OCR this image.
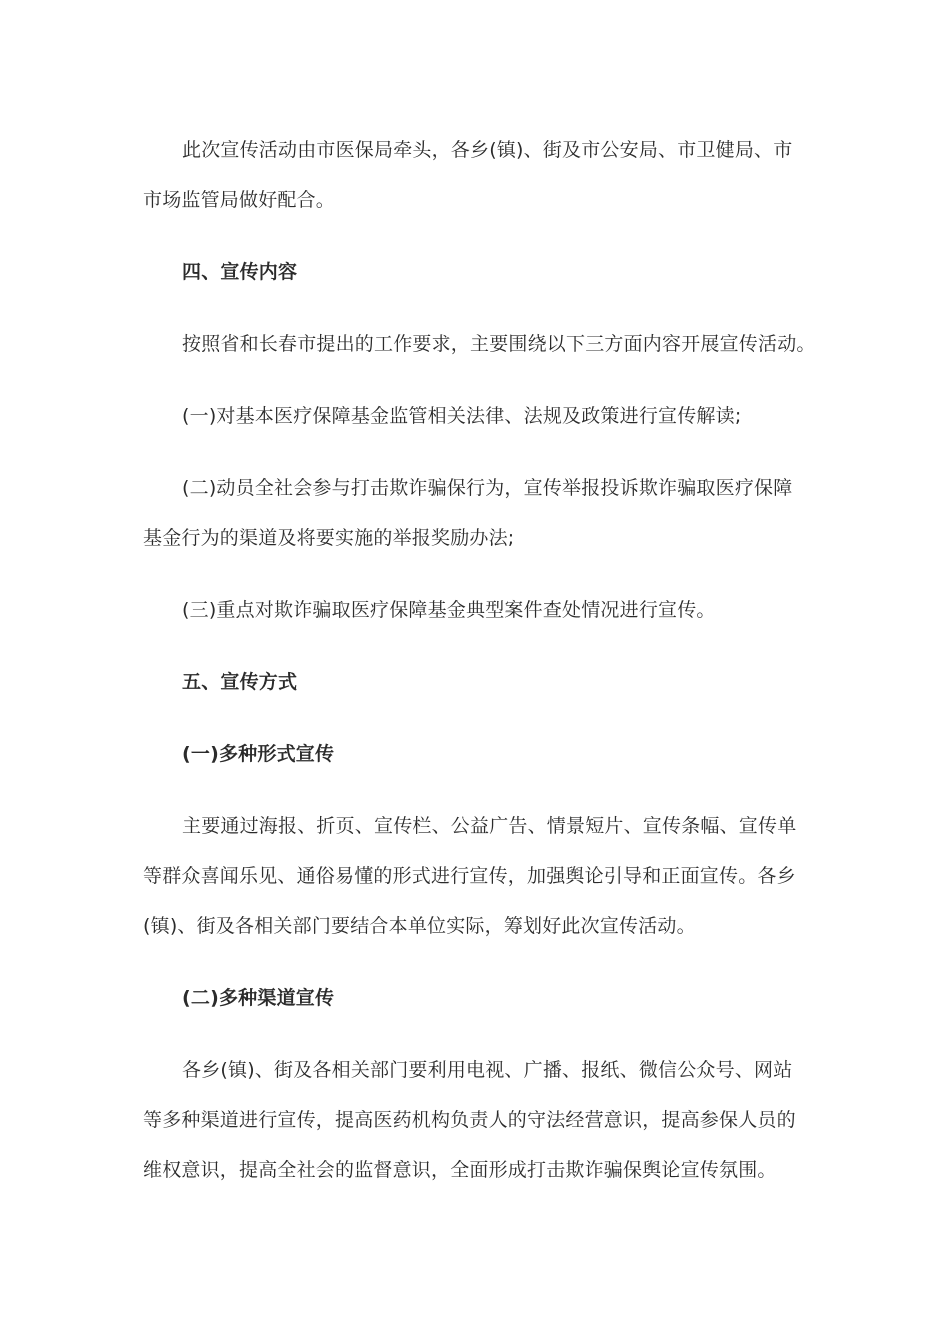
此次宣传活动由市医保局牵头，各乡(镇)、街及市公安局、市卫健局、市
市场监管局做好配合。
四、宣传内容
按照省和长春市提出的工作要求，主要围绕以下三方面内容开展宣传活动。
(一)对基本医疗保障基金监管相关法律、法规及政策进行宣传解读;
(二)动员全社会参与打击欺诈骗保行为，宣传举报投诉欺诈骗取医疗保障
基金行为的渠道及将要实施的举报奖励办法;
(三)重点对欺诈骗取医疗保障基金典型案件查处情况进行宣传。
五、宣传方式
(一)多种形式宣传
主要通过海报、折页、宣传栏、公益广告、情景短片、宣传条幅、宣传单
等群众喜闻乐见、通俗易懂的形式进行宣传，加强舆论引导和正面宣传。各乡
(镇)、街及各相关部门要结合本单位实际，筹划好此次宣传活动。
(二)多种渠道宣传
各乡(镇)、街及各相关部门要利用电视、广播、报纸、微信公众号、网站
等多种渠道进行宣传，提高医药机构负责人的守法经营意识，提高参保人员的
维权意识，提高全社会的监督意识，全面形成打击欺诈骗保舆论宣传氛围。
